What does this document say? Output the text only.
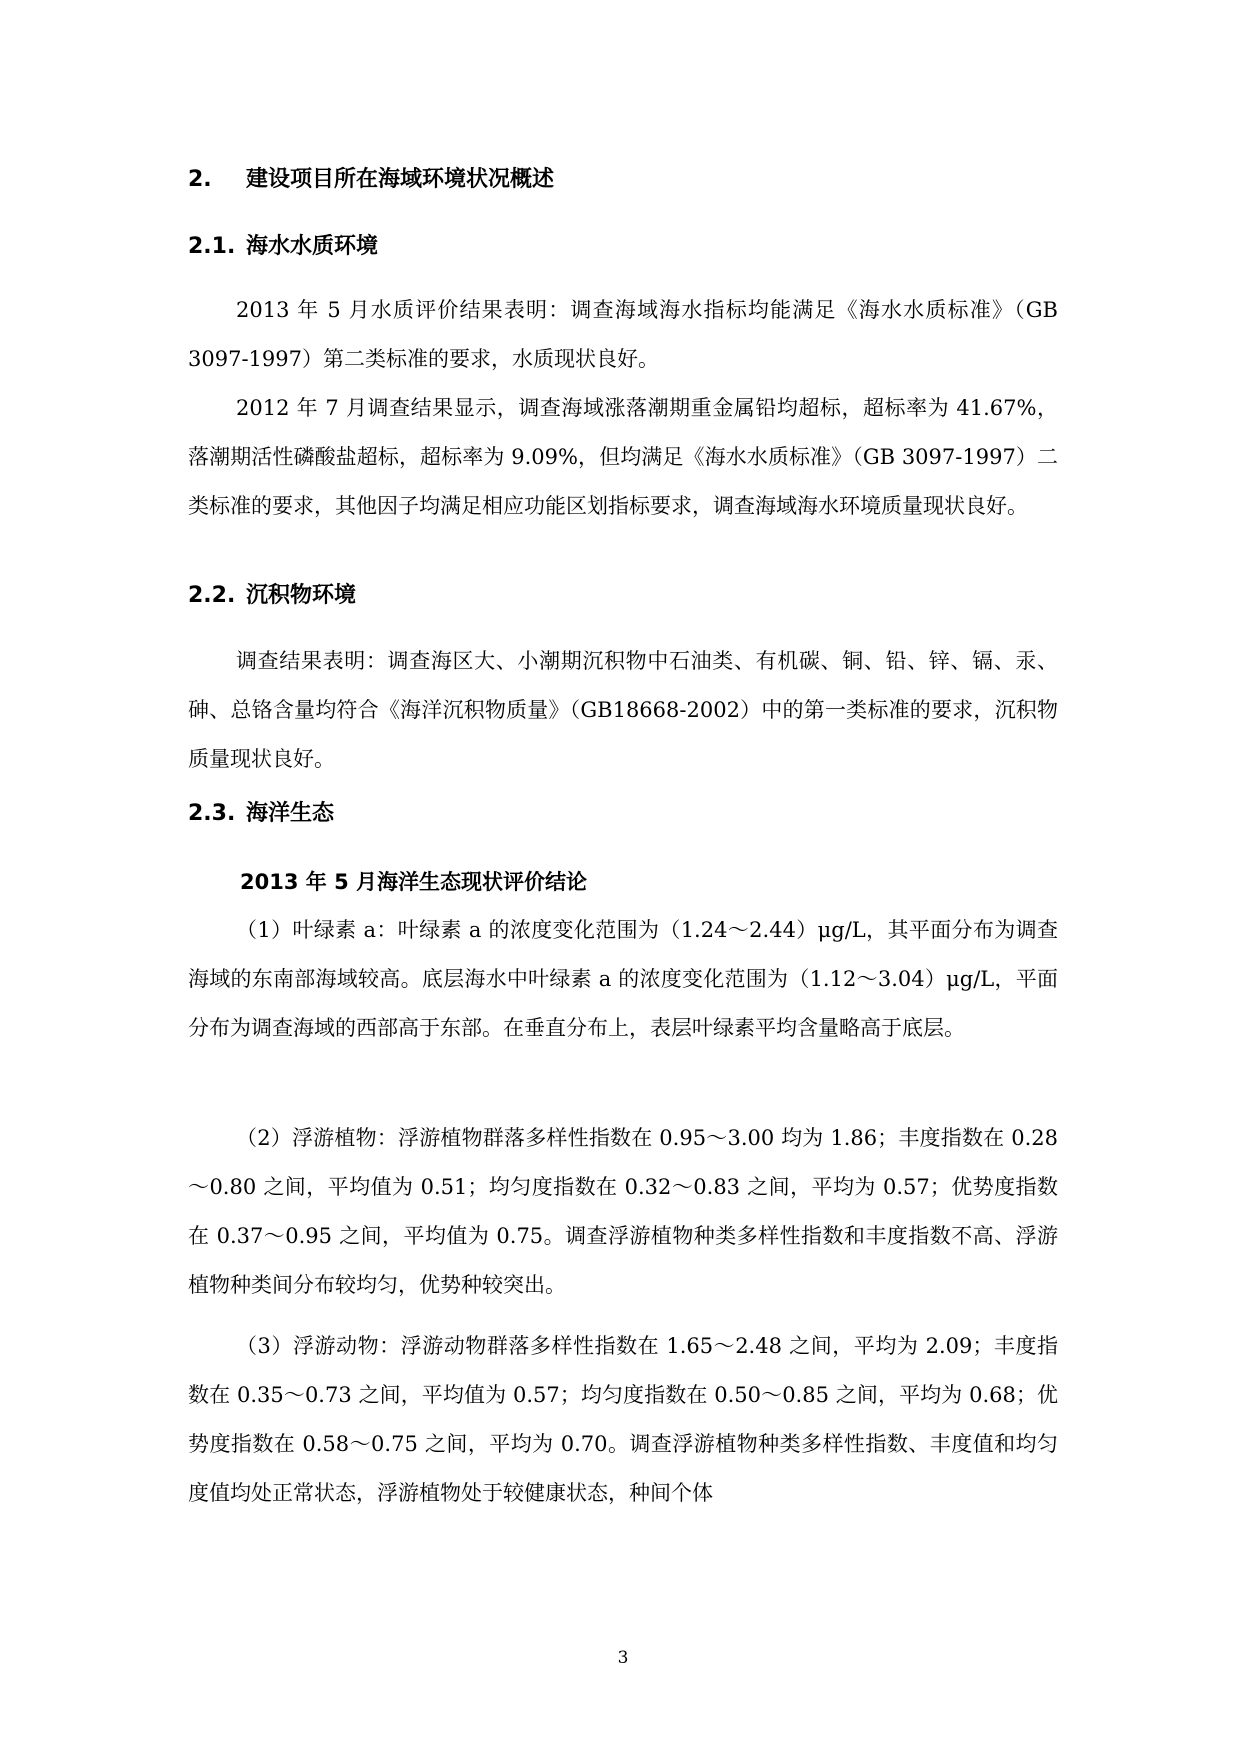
2. 建设项目所在海域环境状况概述
2.1. 海水水质环境

2013 年 5 月水质评价结果表明：调查海域海水指标均能满足《海水水质标准》（GB 3097-1997）第二类标准的要求，水质现状良好。

2012 年 7 月调查结果显示，调查海域涨落潮期重金属铅均超标，超标率为 41.67%，落潮期活性磷酸盐超标，超标率为 9.09%，但均满足《海水水质标准》（GB 3097-1997）二类标准的要求，其他因子均满足相应功能区划指标要求，调查海域海水环境质量现状良好。

2.2. 沉积物环境

调查结果表明：调查海区大、小潮期沉积物中石油类、有机碳、铜、铅、锌、镉、汞、砷、总铬含量均符合《海洋沉积物质量》（GB18668-2002）中的第一类标准的要求，沉积物质量现状良好。

2.3. 海洋生态
2013 年 5 月海洋生态现状评价结论

（1）叶绿素 a：叶绿素 a 的浓度变化范围为（1.24～2.44）μg/L，其平面分布为调查海域的东南部海域较高。底层海水中叶绿素 a 的浓度变化范围为（1.12～3.04）μg/L，平面分布为调查海域的西部高于东部。在垂直分布上，表层叶绿素平均含量略高于底层。

（2）浮游植物：浮游植物群落多样性指数在 0.95～3.00 均为 1.86；丰度指数在 0.28～0.80 之间，平均值为 0.51；均匀度指数在 0.32～0.83 之间，平均为 0.57；优势度指数在 0.37～0.95 之间，平均值为 0.75。调查浮游植物种类多样性指数和丰度指数不高、浮游植物种类间分布较均匀，优势种较突出。

（3）浮游动物：浮游动物群落多样性指数在 1.65～2.48 之间，平均为 2.09；丰度指数在 0.35～0.73 之间，平均值为 0.57；均匀度指数在 0.50～0.85 之间，平均为 0.68；优势度指数在 0.58～0.75 之间，平均为 0.70。调查浮游植物种类多样性指数、丰度值和均匀度值均处正常状态，浮游植物处于较健康状态，种间个体

3
